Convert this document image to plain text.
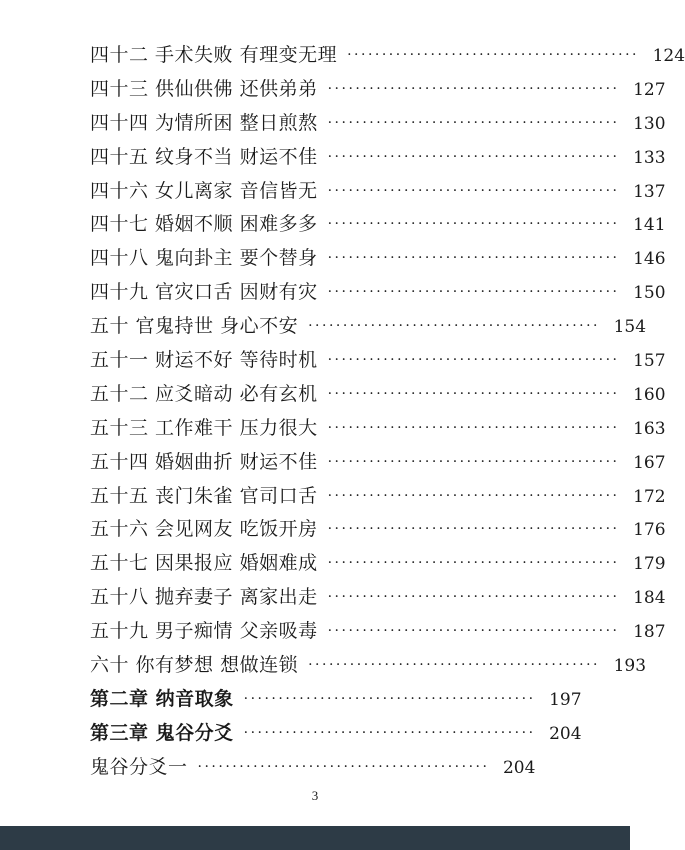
四十二 手术失败 有理变无理 ·········································· 124
四十三 供仙供佛 还供弟弟 ·········································· 127
四十四 为情所困 整日煎熬 ·········································· 130
四十五 纹身不当 财运不佳 ·········································· 133
四十六 女儿离家 音信皆无 ·········································· 137
四十七 婚姻不顺 困难多多 ·········································· 141
四十八 鬼向卦主 要个替身 ·········································· 146
四十九 官灾口舌 因财有灾 ·········································· 150
五十 官鬼持世 身心不安 ·········································· 154
五十一 财运不好 等待时机 ·········································· 157
五十二 应爻暗动 必有玄机 ·········································· 160
五十三 工作难干 压力很大 ·········································· 163
五十四 婚姻曲折 财运不佳 ·········································· 167
五十五 丧门朱雀 官司口舌 ·········································· 172
五十六 会见网友 吃饭开房 ·········································· 176
五十七 因果报应 婚姻难成 ·········································· 179
五十八 抛弃妻子 离家出走 ·········································· 184
五十九 男子痴情 父亲吸毒 ·········································· 187
六十 你有梦想 想做连锁 ·········································· 193
第二章 纳音取象 ·········································· 197
第三章 鬼谷分爻 ·········································· 204
鬼谷分爻一 ·········································· 204
3
